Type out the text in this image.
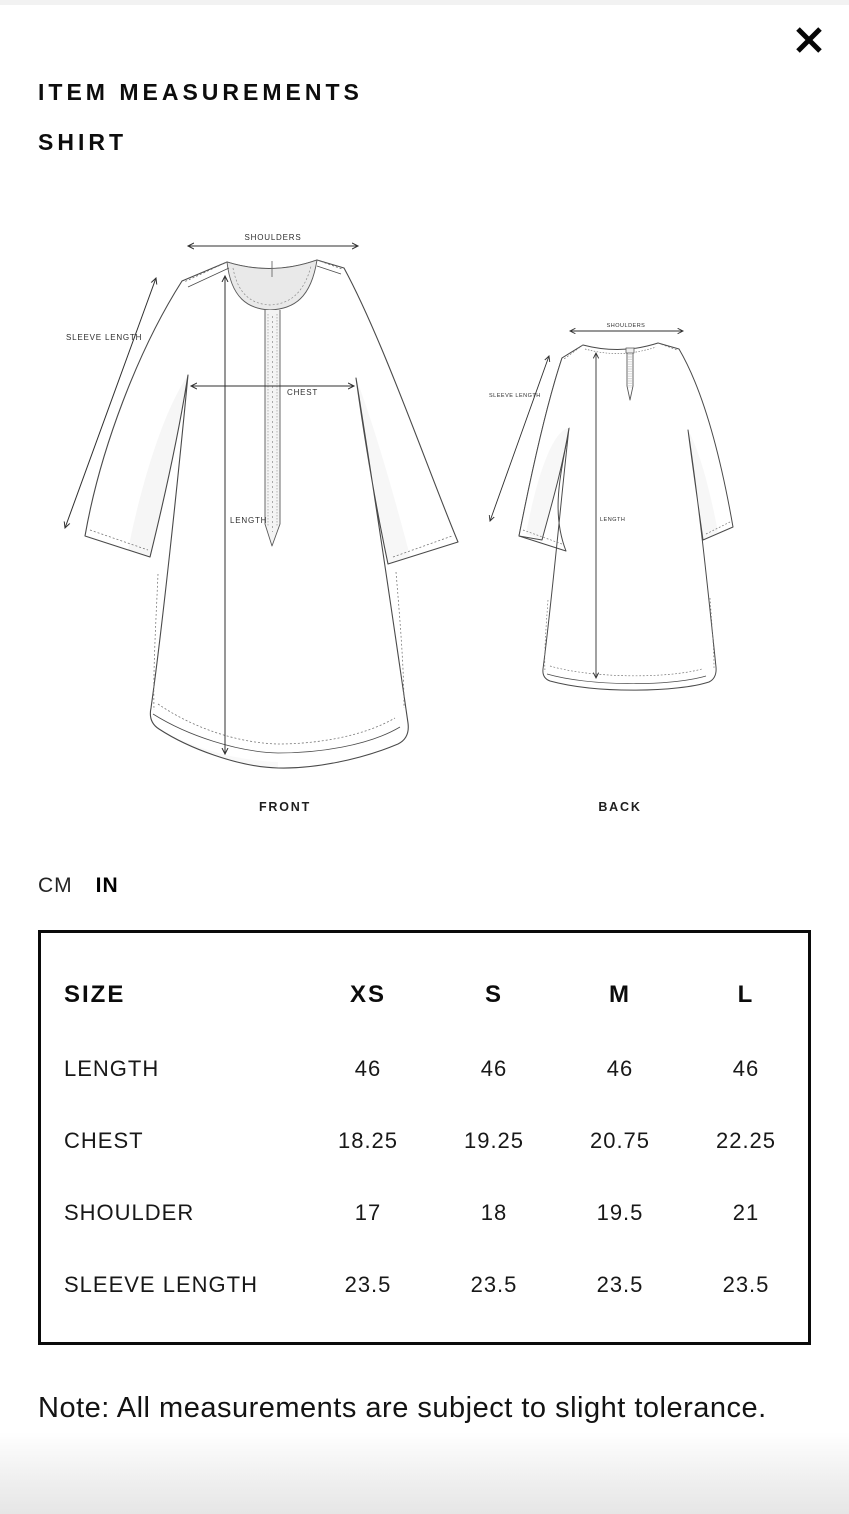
ITEM MEASUREMENTS
SHIRT
SHOULDERS
SLEEVE LENGTH
CHEST
LENGTH
FRONT
SHOULDERS
SLEEVE LENGTH
LENGTH
BACK
CM IN
SIZE	XS	S	M	L
LENGTH	46	46	46	46
CHEST	18.25	19.25	20.75	22.25
SHOULDER	17	18	19.5	21
SLEEVE LENGTH	23.5	23.5	23.5	23.5
Note: All measurements are subject to slight tolerance.
